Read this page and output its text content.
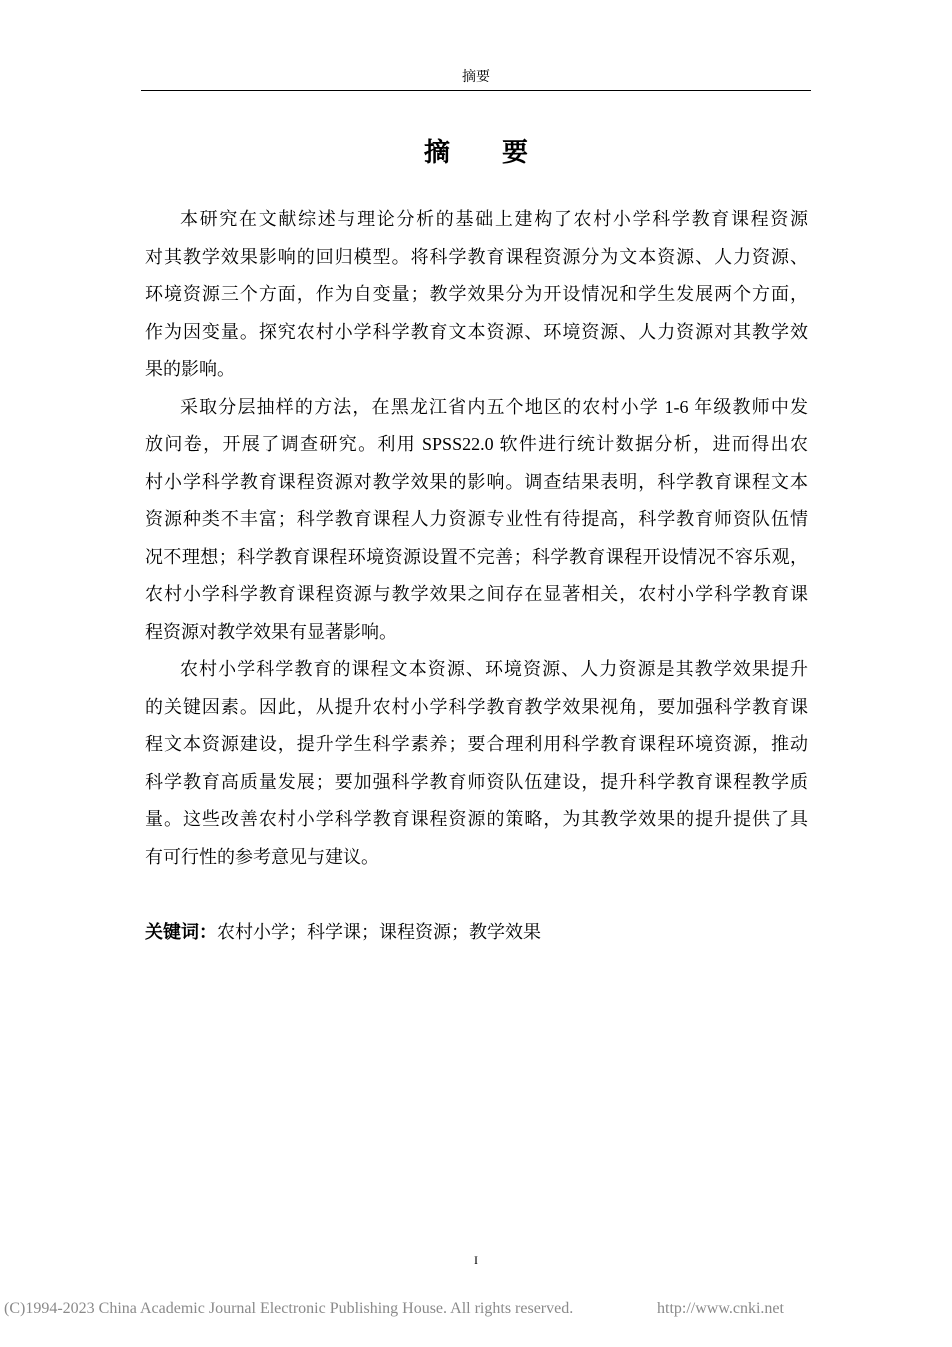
摘要
摘　　要
本研究在文献综述与理论分析的基础上建构了农村小学科学教育课程资源
对其教学效果影响的回归模型。将科学教育课程资源分为文本资源、人力资源、
环境资源三个方面，作为自变量；教学效果分为开设情况和学生发展两个方面，
作为因变量。探究农村小学科学教育文本资源、环境资源、人力资源对其教学效
果的影响。
采取分层抽样的方法，在黑龙江省内五个地区的农村小学 1-6 年级教师中发
放问卷，开展了调查研究。利用 SPSS22.0 软件进行统计数据分析，进而得出农
村小学科学教育课程资源对教学效果的影响。调查结果表明，科学教育课程文本
资源种类不丰富；科学教育课程人力资源专业性有待提高，科学教育师资队伍情
况不理想；科学教育课程环境资源设置不完善；科学教育课程开设情况不容乐观，
农村小学科学教育课程资源与教学效果之间存在显著相关，农村小学科学教育课
程资源对教学效果有显著影响。
农村小学科学教育的课程文本资源、环境资源、人力资源是其教学效果提升
的关键因素。因此，从提升农村小学科学教育教学效果视角，要加强科学教育课
程文本资源建设，提升学生科学素养；要合理利用科学教育课程环境资源，推动
科学教育高质量发展；要加强科学教育师资队伍建设，提升科学教育课程教学质
量。这些改善农村小学科学教育课程资源的策略，为其教学效果的提升提供了具
有可行性的参考意见与建议。
关键词：农村小学；科学课；课程资源；教学效果
I
(C)1994-2023 China Academic Journal Electronic Publishing House. All rights reserved.	http://www.cnki.net
